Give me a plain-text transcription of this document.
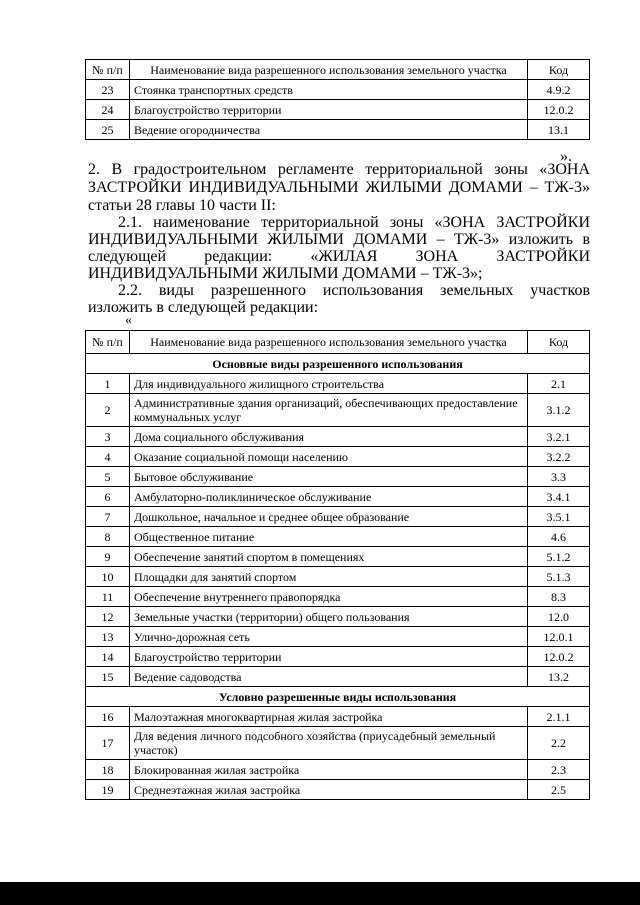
№ п/п	Наименование вида разрешенного использования земельного участка	Код
23	Стоянка транспортных средств	4.9.2
24	Благоустройство территории	12.0.2
25	Ведение огородничества	13.1
».
2. В градостроительном регламенте территориальной зоны «ЗОНА
ЗАСТРОЙКИ ИНДИВИДУАЛЬНЫМИ ЖИЛЫМИ ДОМАМИ – ТЖ-3»
статьи 28 главы 10 части II:
2.1. наименование территориальной зоны «ЗОНА ЗАСТРОЙКИ
ИНДИВИДУАЛЬНЫМИ ЖИЛЫМИ ДОМАМИ – ТЖ-3» изложить в
следующей редакции: «ЖИЛАЯ ЗОНА ЗАСТРОЙКИ
ИНДИВИДУАЛЬНЫМИ ЖИЛЫМИ ДОМАМИ – ТЖ-3»;
2.2. виды разрешенного использования земельных участков
изложить в следующей редакции:
«
№ п/п	Наименование вида разрешенного использования земельного участка	Код
Основные виды разрешенного использования		
1	Для индивидуального жилищного строительства	2.1
2	Административные здания организаций, обеспечивающих предоставление коммунальных услуг	3.1.2
3	Дома социального обслуживания	3.2.1
4	Оказание социальной помощи населению	3.2.2
5	Бытовое обслуживание	3.3
6	Амбулаторно-поликлиническое обслуживание	3.4.1
7	Дошкольное, начальное и среднее общее образование	3.5.1
8	Общественное питание	4.6
9	Обеспечение занятий спортом в помещениях	5.1.2
10	Площадки для занятий спортом	5.1.3
11	Обеспечение внутреннего правопорядка	8.3
12	Земельные участки (территории) общего пользования	12.0
13	Улично-дорожная сеть	12.0.1
14	Благоустройство территории	12.0.2
15	Ведение садоводства	13.2
Условно разрешенные виды использования		
16	Малоэтажная многоквартирная жилая застройка	2.1.1
17	Для ведения личного подсобного хозяйства (приусадебный земельный участок)	2.2
18	Блокированная жилая застройка	2.3
19	Среднеэтажная жилая застройка	2.5
